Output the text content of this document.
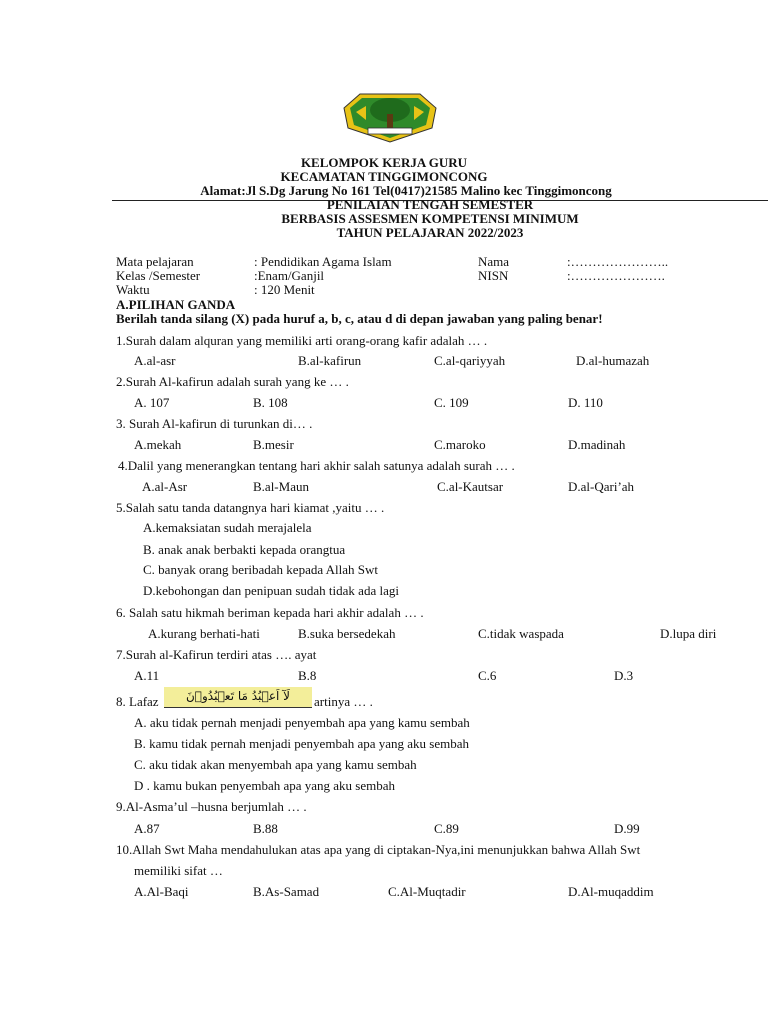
KELOMPOK KERJA GURU
KECAMATAN TINGGIMONCONG
Alamat:Jl S.Dg Jarung No 161 Tel(0417)21585 Malino kec Tinggimoncong
PENILAIAN TENGAH SEMESTER
BERBASIS ASSESMEN KOMPETENSI MINIMUM
TAHUN PELAJARAN 2022/2023
Mata pelajaran	: Pendidikan Agama Islam	Nama	:…………………..
Kelas /Semester	:Enam/Ganjil	NISN	:………………….
Waktu	: 120 Menit
A.PILIHAN GANDA
Berilah tanda silang (X) pada huruf a, b, c, atau d di depan jawaban yang paling benar!
1.Surah dalam alquran yang memiliki arti orang-orang kafir adalah … .
A.al-asr	B.al-kafirun	C.al-qariyyah	D.al-humazah
2.Surah Al-kafirun adalah surah yang ke … .
A. 107	B. 108	C. 109	D. 110
3. Surah Al-kafirun di turunkan di… .
A.mekah	B.mesir	C.maroko	D.madinah
4.Dalil yang menerangkan tentang hari akhir salah satunya adalah surah … .
A.al-Asr	B.al-Maun	C.al-Kautsar	D.al-Qari’ah
5.Salah satu tanda datangnya hari kiamat ,yaitu … .
A.kemaksiatan sudah merajalela
B. anak anak berbakti kepada orangtua
C. banyak orang beribadah kepada Allah Swt
D.kebohongan dan penipuan sudah tidak ada lagi
6. Salah satu hikmah beriman kepada hari akhir adalah … .
A.kurang berhati-hati	B.suka bersedekah	C.tidak waspada	D.lupa diri
7.Surah al-Kafirun terdiri atas …. ayat
A.11	B.8	C.6	D.3
8. Lafaz	لَآ اَعۡبُدُ مَا تَعۡبُدُوۡنَ	artinya … .
A. aku tidak pernah menjadi penyembah apa yang kamu sembah
B. kamu tidak pernah menjadi penyembah apa yang aku sembah
C. aku tidak akan menyembah apa yang kamu sembah
D . kamu bukan penyembah apa yang aku sembah
9.Al-Asma’ul –husna berjumlah … .
A.87	B.88	C.89	D.99
10.Allah Swt Maha mendahulukan atas apa yang di ciptakan-Nya,ini menunjukkan bahwa Allah Swt
memiliki sifat …
A.Al-Baqi	B.As-Samad	C.Al-Muqtadir	D.Al-muqaddim
